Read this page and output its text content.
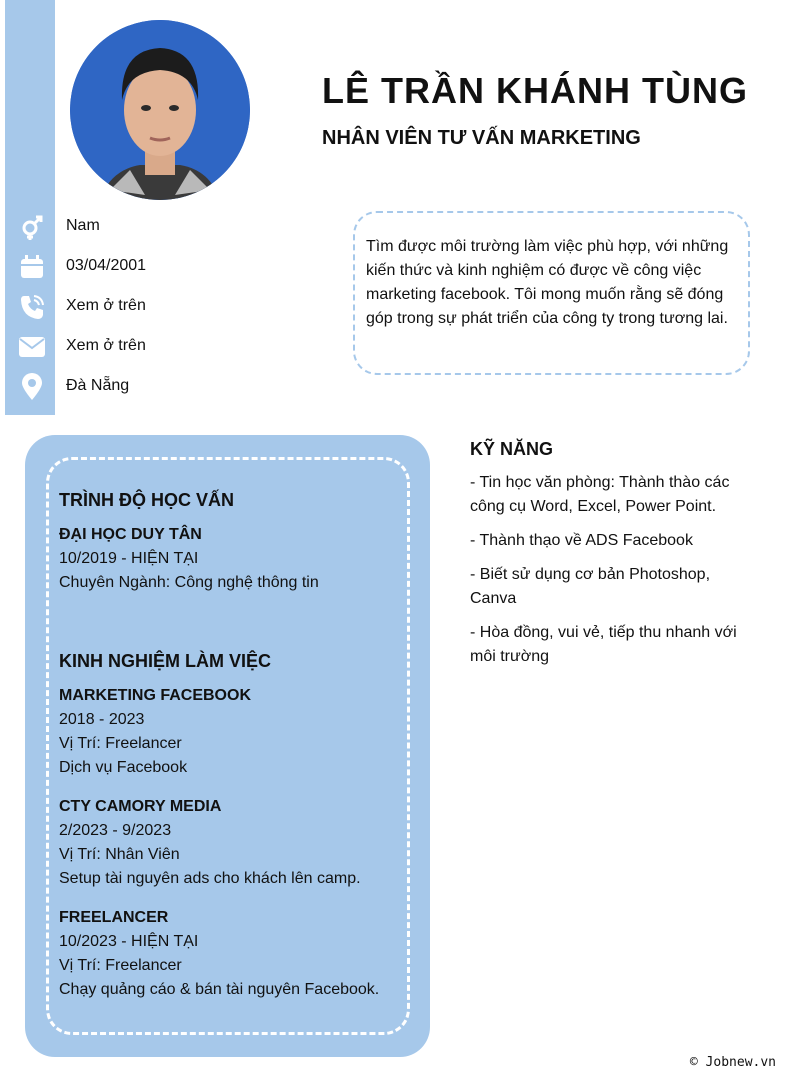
LÊ TRẦN KHÁNH TÙNG
NHÂN VIÊN TƯ VẤN MARKETING
Nam
03/04/2001
Xem ở trên
Xem ở trên
Đà Nẵng
Tìm được môi trường làm việc phù hợp, với những kiến thức và kinh nghiệm có được về công việc marketing facebook. Tôi mong muốn rằng sẽ đóng góp trong sự phát triển của công ty trong tương lai.
TRÌNH ĐỘ HỌC VẤN
ĐẠI HỌC DUY TÂN
10/2019 - HIỆN TẠI
Chuyên Ngành: Công nghệ thông tin
KINH NGHIỆM LÀM VIỆC
MARKETING FACEBOOK
2018 - 2023
Vị Trí: Freelancer
Dịch vụ Facebook
CTY CAMORY MEDIA
2/2023 - 9/2023
Vị Trí: Nhân Viên
Setup tài nguyên ads cho khách lên camp.
FREELANCER
10/2023 - HIỆN TẠI
Vị Trí: Freelancer
Chạy quảng cáo & bán tài nguyên Facebook.
KỸ NĂNG
- Tin học văn phòng: Thành thào các công cụ Word, Excel, Power Point.
- Thành thạo về ADS Facebook
- Biết sử dụng cơ bản Photoshop, Canva
- Hòa đồng, vui vẻ, tiếp thu nhanh với môi trường
© Jobnew.vn
